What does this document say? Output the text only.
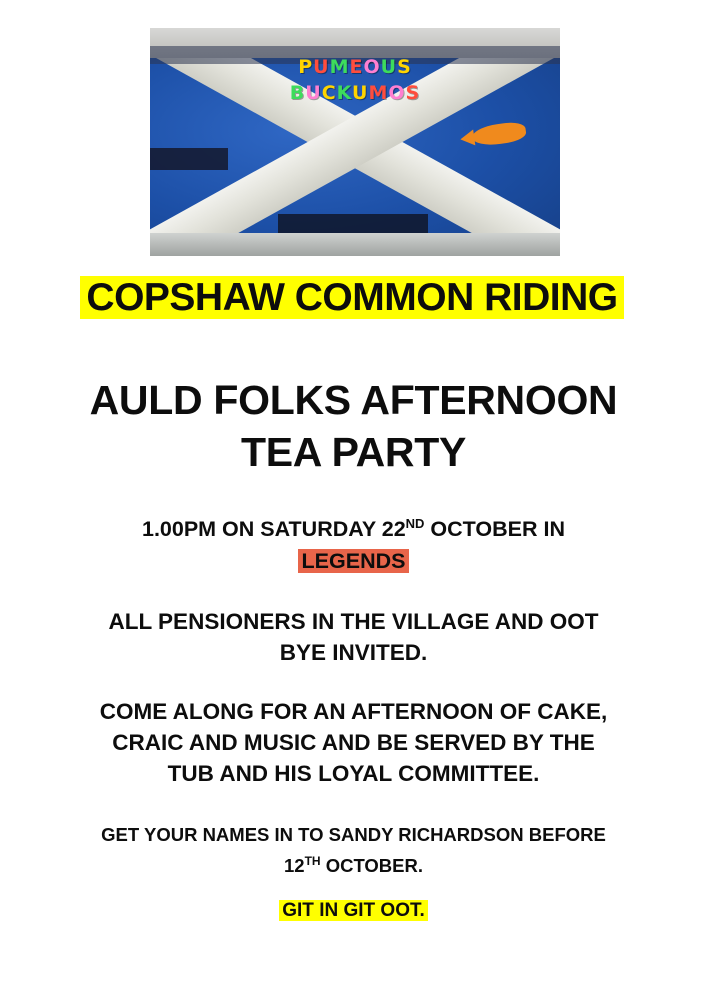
PUMEOUS
BUCKUMOS
COPSHAW COMMON RIDING
AULD FOLKS AFTERNOON
TEA PARTY
1.00PM ON SATURDAY 22ND OCTOBER IN
LEGENDS
ALL PENSIONERS IN THE VILLAGE AND OOT
BYE INVITED.
COME ALONG FOR AN AFTERNOON OF CAKE,
CRAIC AND MUSIC AND BE SERVED BY THE
TUB AND HIS LOYAL COMMITTEE.
GET YOUR NAMES IN TO SANDY RICHARDSON BEFORE
12TH OCTOBER.
GIT IN GIT OOT.
